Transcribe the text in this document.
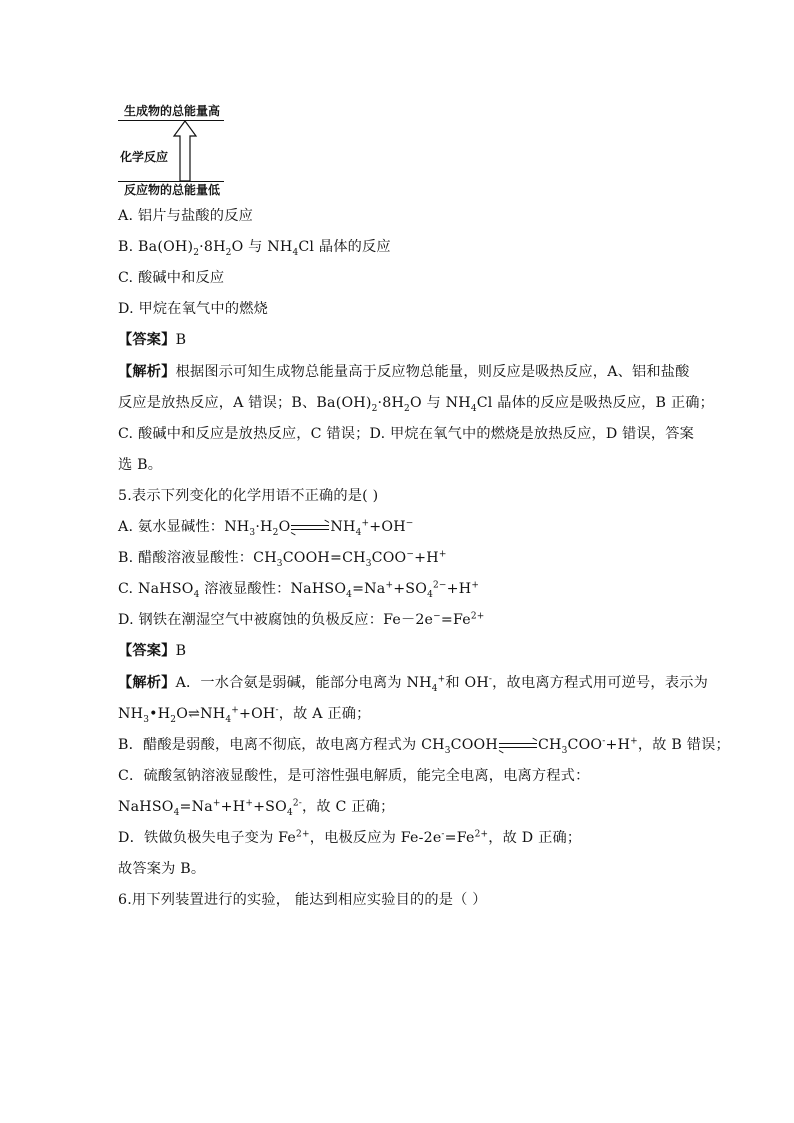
生成物的总能量高
化学反应
反应物的总能量低
A. 铝片与盐酸的反应
B. $Ba(OH)_2\cdot 8H_2O$ 与 $NH_4Cl$ 晶体的反应
C. 酸碱中和反应
D. 甲烷在氧气中的燃烧
【答案】B
【解析】根据图示可知生成物总能量高于反应物总能量，则反应是吸热反应，A、铝和盐酸
反应是放热反应，A 错误；B、$Ba(OH)_2\cdot 8H_2O$ 与 $NH_4Cl$ 晶体的反应是吸热反应，B 正确；
C. 酸碱中和反应是放热反应，C 错误；D. 甲烷在氧气中的燃烧是放热反应，D 错误，答案
选 B。
5.表示下列变化的化学用语不正确的是( )
A. 氨水显碱性：$NH_3\cdot H_2O$	$NH_4^++OH^-$
B. 醋酸溶液显酸性：$CH_3COOH=CH_3COO^-+H^+$
C. NaHSO$_4$ 溶液显酸性：$NaHSO_4=Na^++SO_4^{2-}+H^+$
D. 钢铁在潮湿空气中被腐蚀的负极反应：$Fe-2e^-=Fe^{2+}$
【答案】B
【解析】A．一水合氨是弱碱，能部分电离为 $NH_4^+$和 OH-，故电离方程式用可逆号，表示为
$NH_3•H_2O\rightleftharpoons NH_4^++OH^-$，故 A 正确；
B．醋酸是弱酸，电离不彻底，故电离方程式为 $CH_3COOH$	$CH_3COO^-+H^+$，故 B 错误；
C．硫酸氢钠溶液显酸性，是可溶性强电解质，能完全电离，电离方程式：
$NaHSO_4=Na^++H^++SO_4^{2-}$，故 C 正确；
D．铁做负极失电子变为 $Fe^{2+}$，电极反应为 $Fe-2e^-=Fe^{2+}$，故 D 正确；
故答案为 B。
6.用下列装置进行的实验， 能达到相应实验目的的是（ ）
